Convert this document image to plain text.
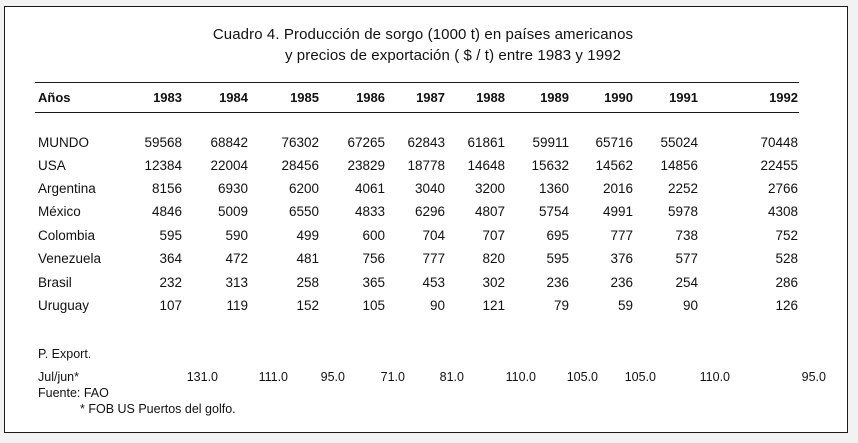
Cuadro 4. Producción de sorgo (1000 t) en países americanos
y precios de exportación ( $ / t) entre 1983 y 1992
Años	1983	1984	1985	1986	1987	1988	1989	1990	1991	1992
MUNDO	59568	68842	76302	67265	62843	61861	59911	65716	55024	70448
USA	12384	22004	28456	23829	18778	14648	15632	14562	14856	22455
Argentina	8156	6930	6200	4061	3040	3200	1360	2016	2252	2766
México	4846	5009	6550	4833	6296	4807	5754	4991	5978	4308
Colombia	595	590	499	600	704	707	695	777	738	752
Venezuela	364	472	481	756	777	820	595	376	577	528
Brasil	232	313	258	365	453	302	236	236	254	286
Uruguay	107	119	152	105	90	121	79	59	90	126
P. Export.
Jul/jun*	131.0	111.0	95.0	71.0	81.0	110.0	105.0	105.0	110.0	95.0
Fuente: FAO
* FOB US Puertos del golfo.
